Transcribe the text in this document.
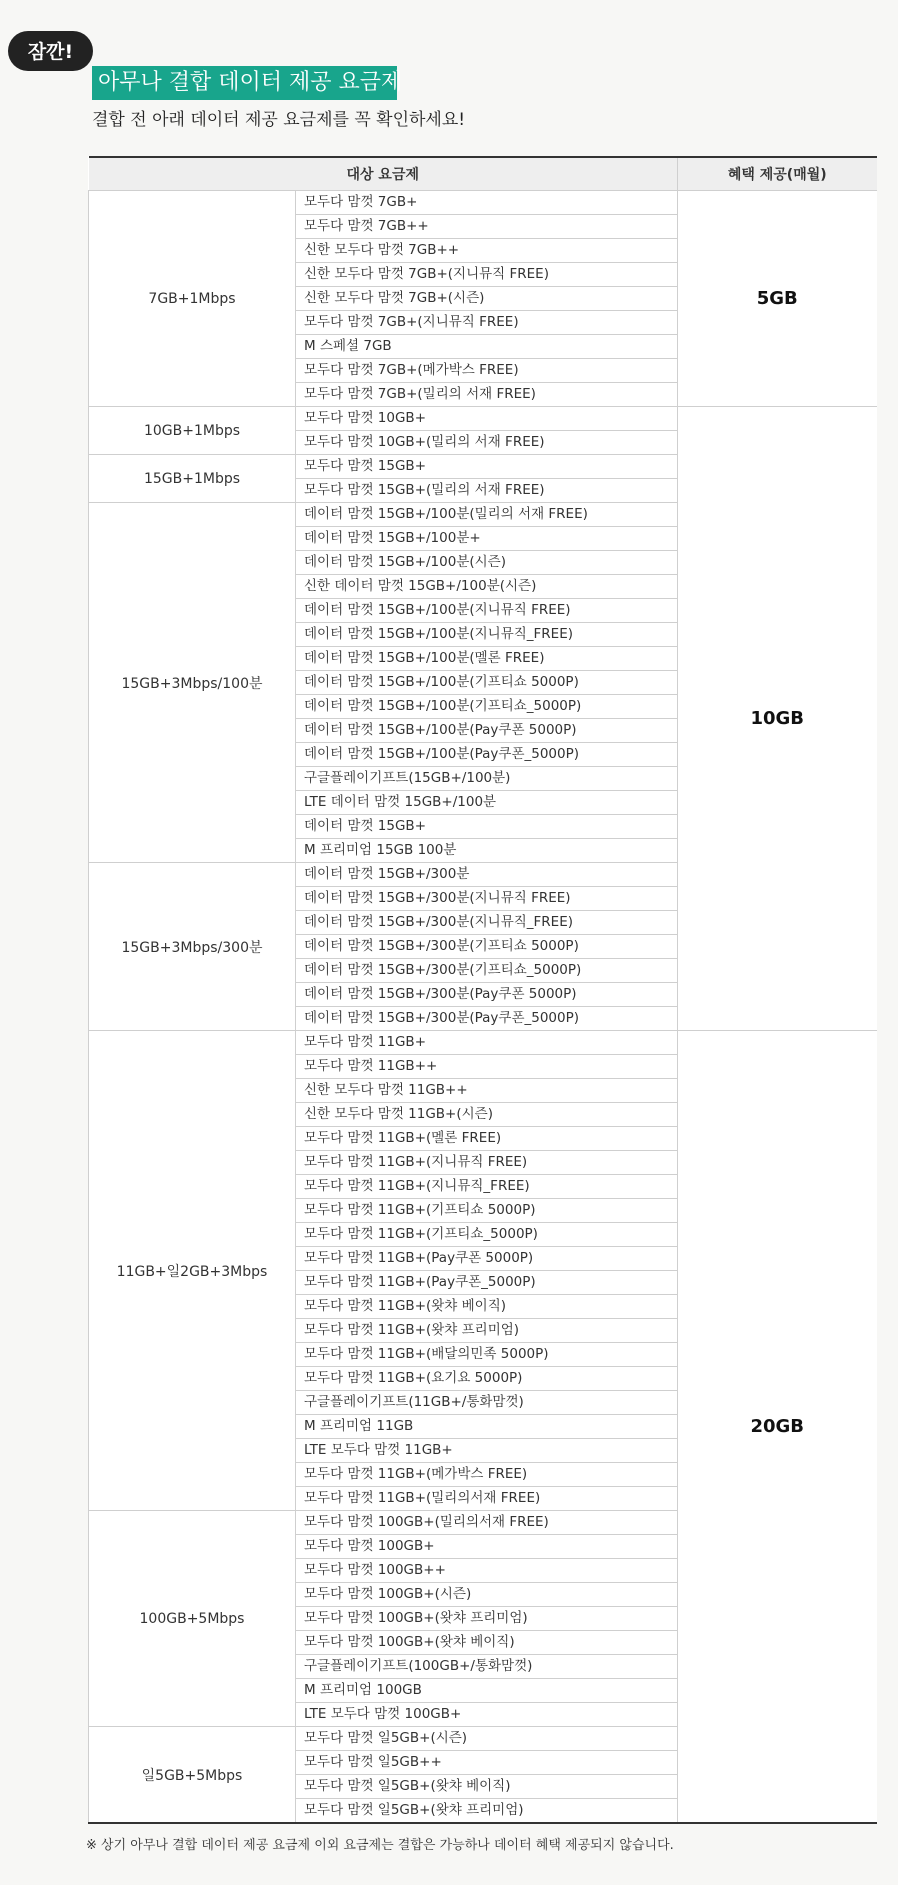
잠깐!
아무나 결합 데이터 제공 요금제
결합 전 아래 데이터 제공 요금제를 꼭 확인하세요!
대상 요금제		혜택 제공(매월)
7GB+1Mbps	모두다 맘껏 7GB+	5GB
	모두다 맘껏 7GB++	
	신한 모두다 맘껏 7GB++	
	신한 모두다 맘껏 7GB+(지니뮤직 FREE)	
	신한 모두다 맘껏 7GB+(시즌)	
	모두다 맘껏 7GB+(지니뮤직 FREE)	
	M 스페셜 7GB	
	모두다 맘껏 7GB+(메가박스 FREE)	
	모두다 맘껏 7GB+(밀리의 서재 FREE)	
10GB+1Mbps	모두다 맘껏 10GB+	10GB
	모두다 맘껏 10GB+(밀리의 서재 FREE)	
15GB+1Mbps	모두다 맘껏 15GB+	
	모두다 맘껏 15GB+(밀리의 서재 FREE)	
15GB+3Mbps/100분	데이터 맘껏 15GB+/100분(밀리의 서재 FREE)	
	데이터 맘껏 15GB+/100분+	
	데이터 맘껏 15GB+/100분(시즌)	
	신한 데이터 맘껏 15GB+/100분(시즌)	
	데이터 맘껏 15GB+/100분(지니뮤직 FREE)	
	데이터 맘껏 15GB+/100분(지니뮤직_FREE)	
	데이터 맘껏 15GB+/100분(멜론 FREE)	
	데이터 맘껏 15GB+/100분(기프티쇼 5000P)	
	데이터 맘껏 15GB+/100분(기프티쇼_5000P)	
	데이터 맘껏 15GB+/100분(Pay쿠폰 5000P)	
	데이터 맘껏 15GB+/100분(Pay쿠폰_5000P)	
	구글플레이기프트(15GB+/100분)	
	LTE 데이터 맘껏 15GB+/100분	
	데이터 맘껏 15GB+	
	M 프리미엄 15GB 100분	
15GB+3Mbps/300분	데이터 맘껏 15GB+/300분	
	데이터 맘껏 15GB+/300분(지니뮤직 FREE)	
	데이터 맘껏 15GB+/300분(지니뮤직_FREE)	
	데이터 맘껏 15GB+/300분(기프티쇼 5000P)	
	데이터 맘껏 15GB+/300분(기프티쇼_5000P)	
	데이터 맘껏 15GB+/300분(Pay쿠폰 5000P)	
	데이터 맘껏 15GB+/300분(Pay쿠폰_5000P)	
11GB+일2GB+3Mbps	모두다 맘껏 11GB+	20GB
	모두다 맘껏 11GB++	
	신한 모두다 맘껏 11GB++	
	신한 모두다 맘껏 11GB+(시즌)	
	모두다 맘껏 11GB+(멜론 FREE)	
	모두다 맘껏 11GB+(지니뮤직 FREE)	
	모두다 맘껏 11GB+(지니뮤직_FREE)	
	모두다 맘껏 11GB+(기프티쇼 5000P)	
	모두다 맘껏 11GB+(기프티쇼_5000P)	
	모두다 맘껏 11GB+(Pay쿠폰 5000P)	
	모두다 맘껏 11GB+(Pay쿠폰_5000P)	
	모두다 맘껏 11GB+(왓챠 베이직)	
	모두다 맘껏 11GB+(왓챠 프리미엄)	
	모두다 맘껏 11GB+(배달의민족 5000P)	
	모두다 맘껏 11GB+(요기요 5000P)	
	구글플레이기프트(11GB+/통화맘껏)	
	M 프리미엄 11GB	
	LTE 모두다 맘껏 11GB+	
	모두다 맘껏 11GB+(메가박스 FREE)	
	모두다 맘껏 11GB+(밀리의서재 FREE)	
100GB+5Mbps	모두다 맘껏 100GB+(밀리의서재 FREE)	
	모두다 맘껏 100GB+	
	모두다 맘껏 100GB++	
	모두다 맘껏 100GB+(시즌)	
	모두다 맘껏 100GB+(왓챠 프리미엄)	
	모두다 맘껏 100GB+(왓챠 베이직)	
	구글플레이기프트(100GB+/통화맘껏)	
	M 프리미엄 100GB	
	LTE 모두다 맘껏 100GB+	
일5GB+5Mbps	모두다 맘껏 일5GB+(시즌)	
	모두다 맘껏 일5GB++	
	모두다 맘껏 일5GB+(왓챠 베이직)	
	모두다 맘껏 일5GB+(왓챠 프리미엄)	
※ 상기 아무나 결합 데이터 제공 요금제 이외 요금제는 결합은 가능하나 데이터 혜택 제공되지 않습니다.
